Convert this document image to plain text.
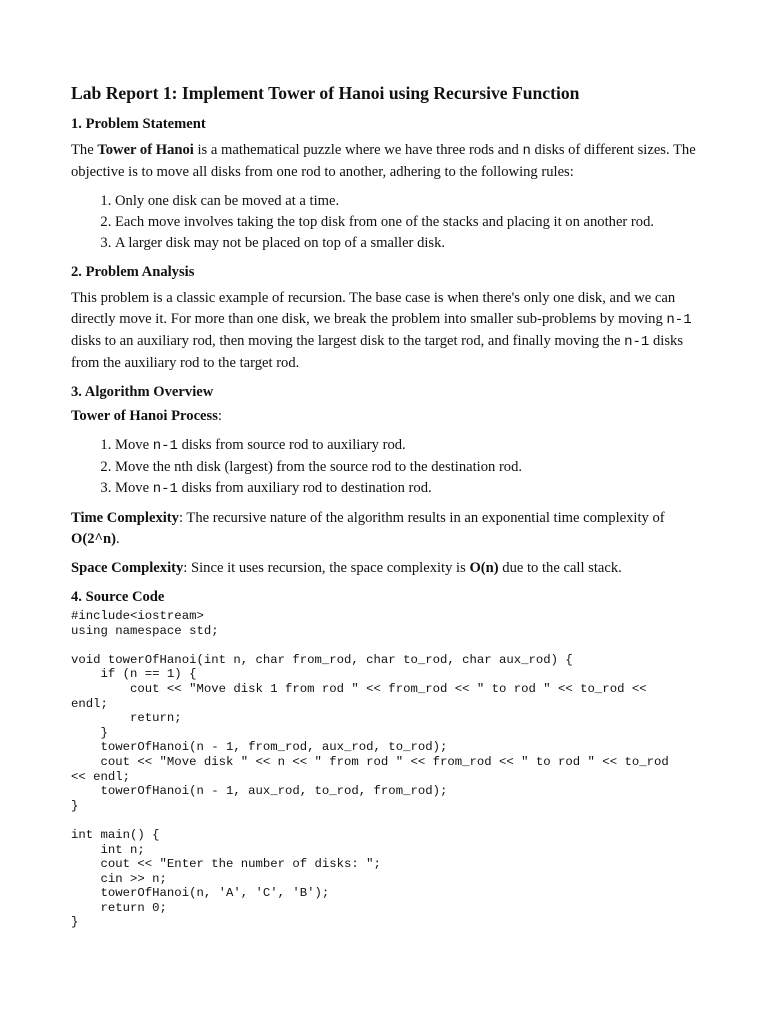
Lab Report 1: Implement Tower of Hanoi using Recursive Function
1. Problem Statement

The Tower of Hanoi is a mathematical puzzle where we have three rods and n disks of different sizes. The objective is to move all disks from one rod to another, adhering to the following rules:

1. Only one disk can be moved at a time.
2. Each move involves taking the top disk from one of the stacks and placing it on another rod.
3. A larger disk may not be placed on top of a smaller disk.
2. Problem Analysis

This problem is a classic example of recursion. The base case is when there's only one disk, and we can directly move it. For more than one disk, we break the problem into smaller sub-problems by moving n-1 disks to an auxiliary rod, then moving the largest disk to the target rod, and finally moving the n-1 disks from the auxiliary rod to the target rod.

3. Algorithm Overview

Tower of Hanoi Process:

1. Move n-1 disks from source rod to auxiliary rod.
2. Move the nth disk (largest) from the source rod to the destination rod.
3. Move n-1 disks from auxiliary rod to destination rod.

Time Complexity: The recursive nature of the algorithm results in an exponential time complexity of O(2^n).

Space Complexity: Since it uses recursion, the space complexity is O(n) due to the call stack.

4. Source Code
#include<iostream>
using namespace std;

void towerOfHanoi(int n, char from_rod, char to_rod, char aux_rod) {
if (n == 1) {
cout << "Move disk 1 from rod " << from_rod << " to rod " << to_rod <<
endl;
return;
}
towerOfHanoi(n - 1, from_rod, aux_rod, to_rod);
cout << "Move disk " << n << " from rod " << from_rod << " to rod " << to_rod
<< endl;
towerOfHanoi(n - 1, aux_rod, to_rod, from_rod);
}

int main() {
int n;
cout << "Enter the number of disks: ";
cin >> n;
towerOfHanoi(n, 'A', 'C', 'B');
return 0;
}
